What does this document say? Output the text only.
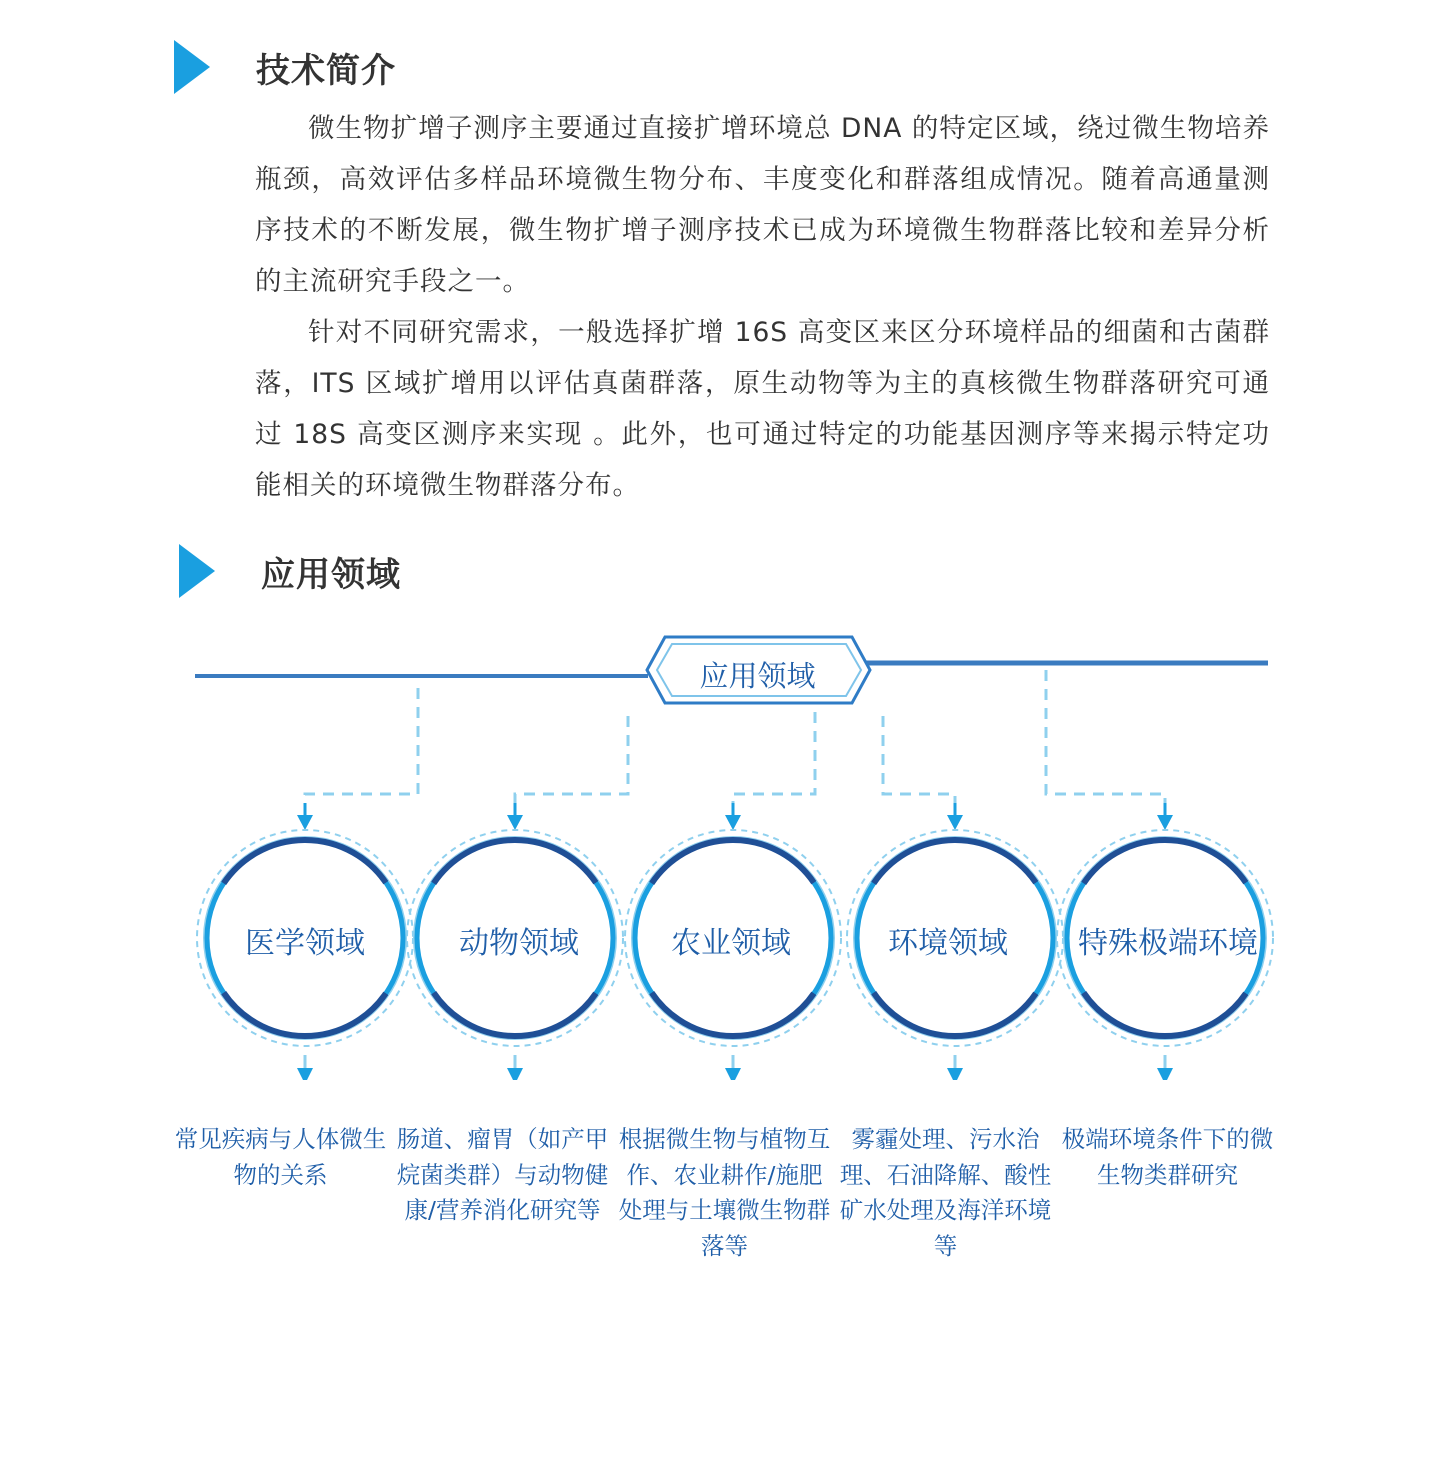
技术简介

微生物扩增子测序主要通过直接扩增环境总 DNA 的特定区域，绕过微生物培养瓶颈，高效评估多样品环境微生物分布、丰度变化和群落组成情况。随着高通量测序技术的不断发展，微生物扩增子测序技术已成为环境微生物群落比较和差异分析的主流研究手段之一。

针对不同研究需求，一般选择扩增 16S 高变区来区分环境样品的细菌和古菌群落，ITS 区域扩增用以评估真菌群落，原生动物等为主的真核微生物群落研究可通过 18S 高变区测序来实现 。此外，也可通过特定的功能基因测序等来揭示特定功能相关的环境微生物群落分布。

应用领域
应用领域
医学领域	动物领域	农业领域	环境领域	特殊极端环境
常见疾病与人体微生物的关系
肠道、瘤胃（如产甲烷菌类群）与动物健康/营养消化研究等
根据微生物与植物互作、农业耕作/施肥处理与土壤微生物群落等
雾霾处理、污水治理、石油降解、酸性矿水处理及海洋环境等
极端环境条件下的微生物类群研究
